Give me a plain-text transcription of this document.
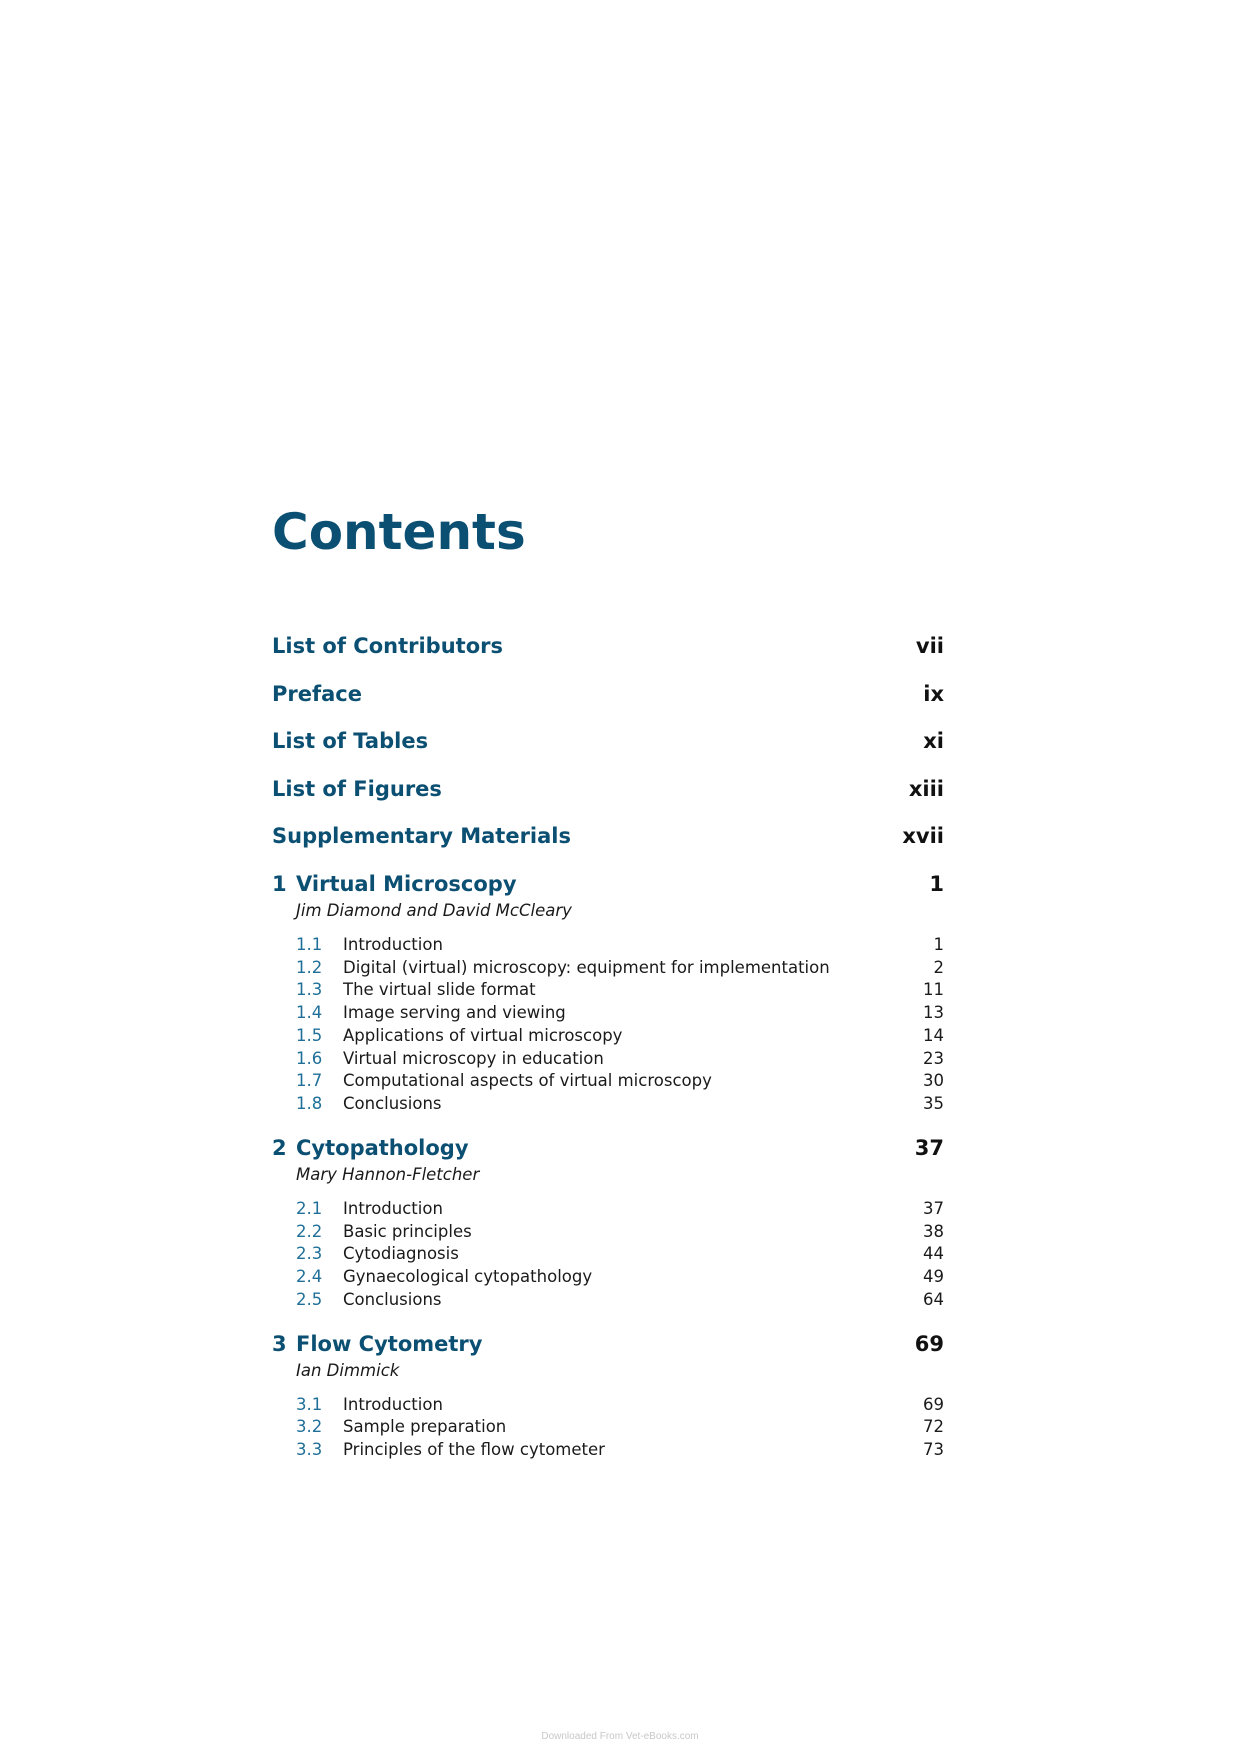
Contents
List of Contributors	vii
Preface	ix
List of Tables	xi
List of Figures	xiii
Supplementary Materials	xvii
1 Virtual Microscopy	1
Jim Diamond and David McCleary
1.1	Introduction	1
1.2	Digital (virtual) microscopy: equipment for implementation	2
1.3	The virtual slide format	11
1.4	Image serving and viewing	13
1.5	Applications of virtual microscopy	14
1.6	Virtual microscopy in education	23
1.7	Computational aspects of virtual microscopy	30
1.8	Conclusions	35
2 Cytopathology	37
Mary Hannon-Fletcher
2.1	Introduction	37
2.2	Basic principles	38
2.3	Cytodiagnosis	44
2.4	Gynaecological cytopathology	49
2.5	Conclusions	64
3 Flow Cytometry	69
Ian Dimmick
3.1	Introduction	69
3.2	Sample preparation	72
3.3	Principles of the flow cytometer	73
Downloaded From Vet-eBooks.com
